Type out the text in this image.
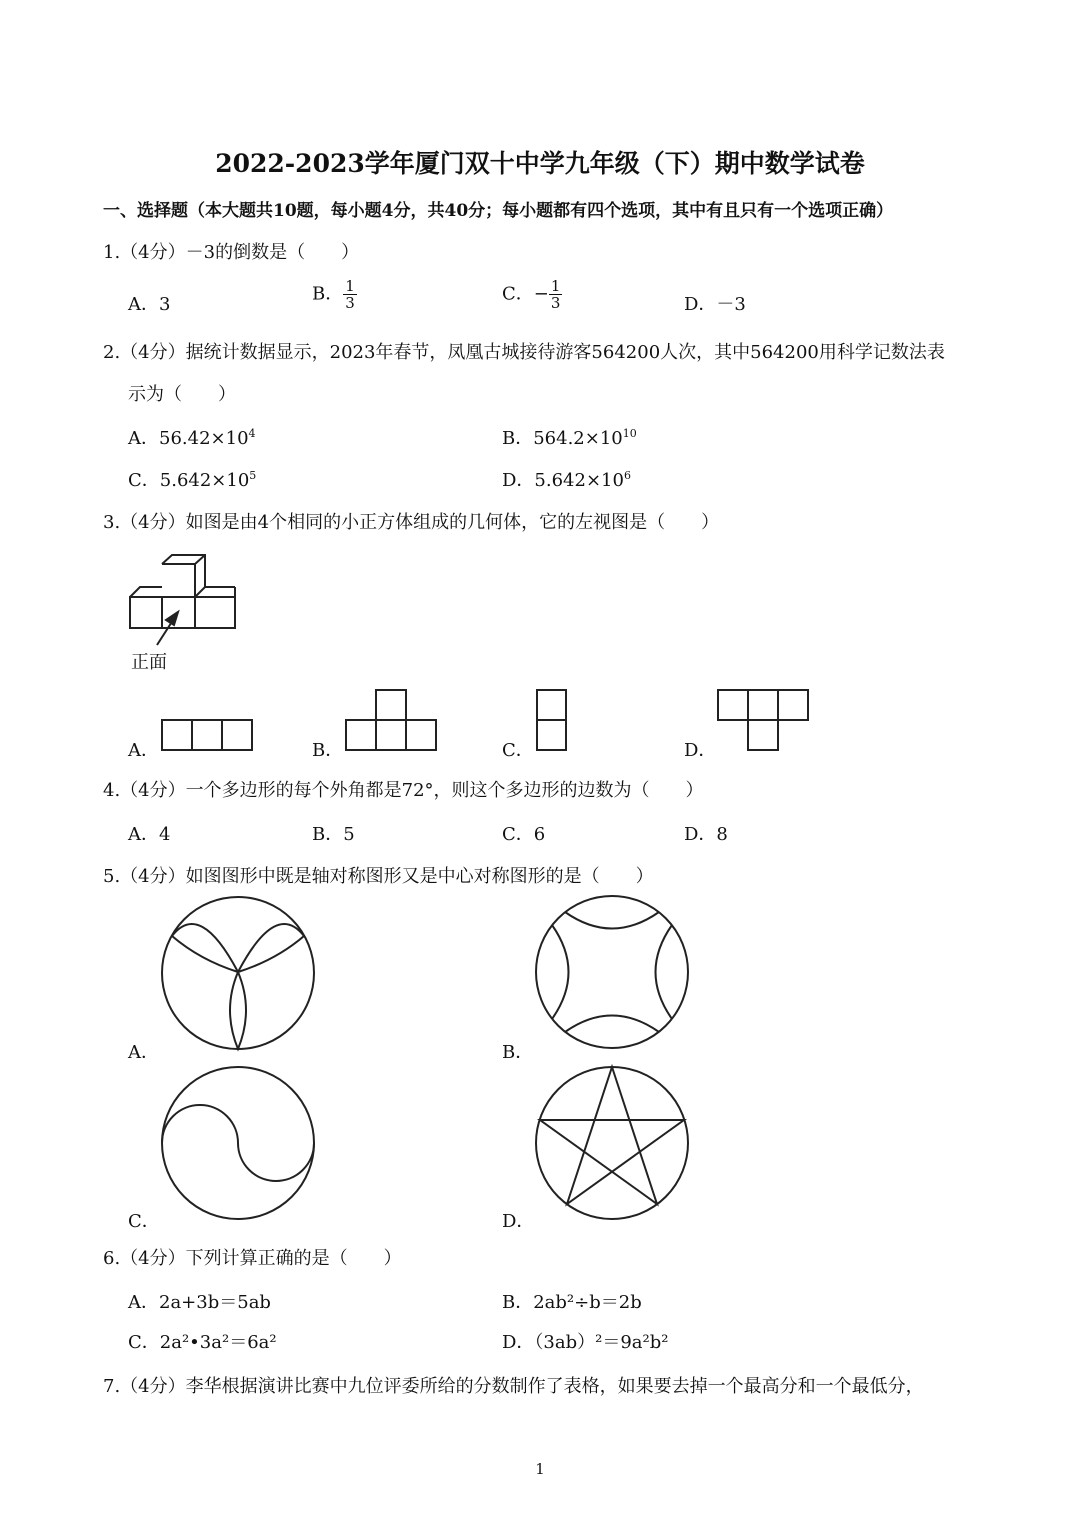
2022-2023学年厦门双十中学九年级（下）期中数学试卷
一、选择题（本大题共10题，每小题4分，共40分；每小题都有四个选项，其中有且只有一个选项正确）
1.（4分）－3的倒数是（　　）
A．3	B． $\frac{1}{3}$	C．− $\frac{1}{3}$	D．－3
2.（4分）据统计数据显示，2023年春节，凤凰古城接待游客564200人次，其中564200用科学记数法表
示为（　　）
A．$56.42\times 10^4$	B．$564.2\times 10^{10}$
C．$5.642\times 10^5$	D．$5.642\times 10^6$
3.（4分）如图是由4个相同的小正方体组成的几何体，它的左视图是（　　）
正面
A．	B．	C．	D．
4.（4分）一个多边形的每个外角都是72°，则这个多边形的边数为（　　）
A．4	B．5	C．6	D．8
5.（4分）如图图形中既是轴对称图形又是中心对称图形的是（　　）
A．	B．
C．	D．
6.（4分）下列计算正确的是（　　）
A．2a+3b＝5ab	B．2ab²÷b＝2b
C．2a²•3a²＝6a²	D．（3ab）²＝9a²b²
7.（4分）李华根据演讲比赛中九位评委所给的分数制作了表格，如果要去掉一个最高分和一个最低分，
1
